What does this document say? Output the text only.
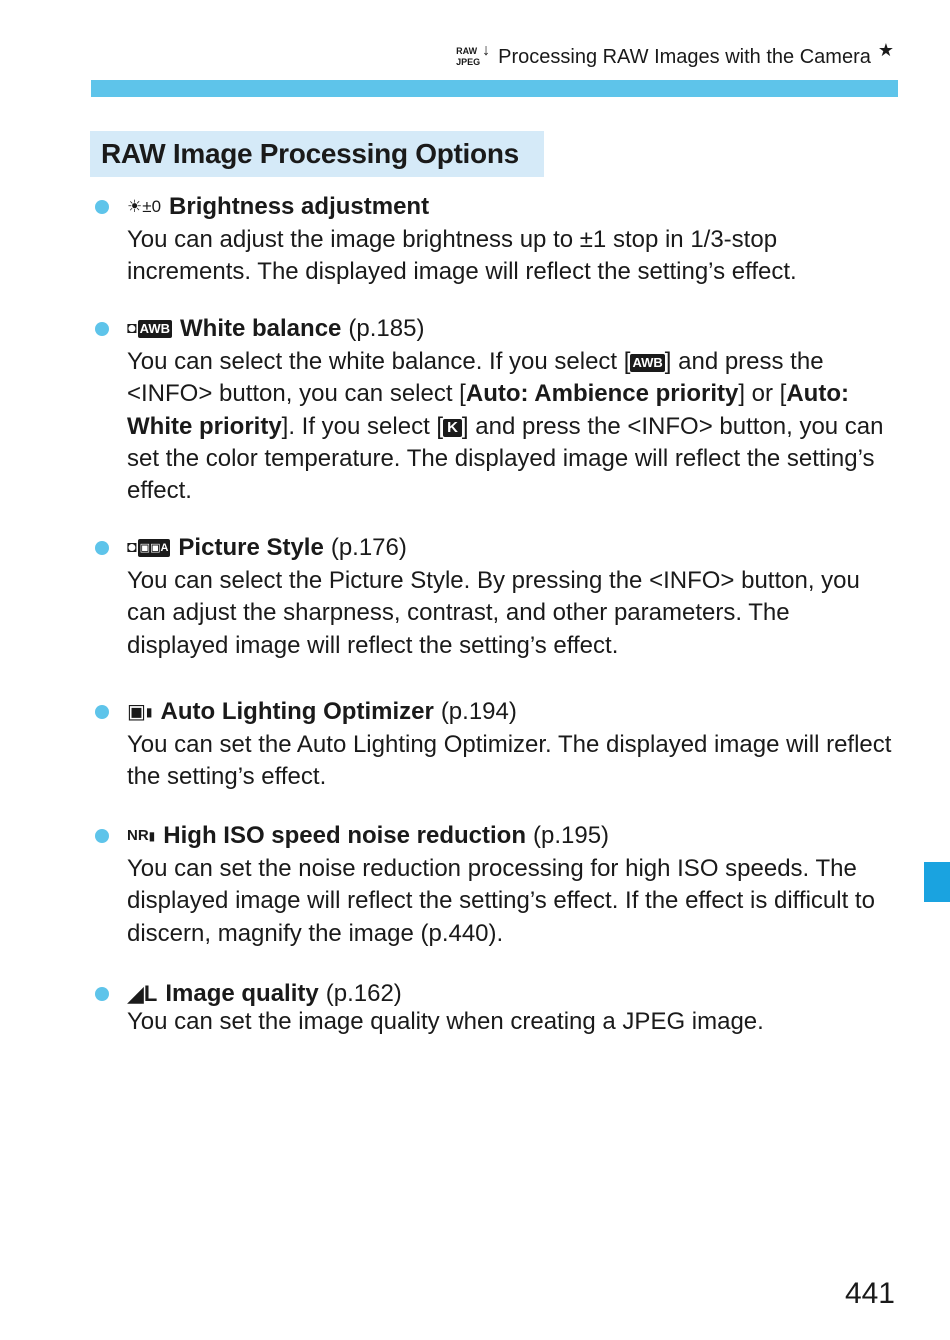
RAW
JPEG
↓ Processing RAW Images with the Camera ★
RAW Image Processing Options
☀±0 Brightness adjustment
You can adjust the image brightness up to ±1 stop in 1/3-stop increments. The displayed image will reflect the setting’s effect.
◘ AWB White balance (p.185)
You can select the white balance. If you select [ AWB] and press the <INFO> button, you can select [Auto: Ambience priority] or [Auto: White priority]. If you select [ K ] and press the <INFO> button, you can set the color temperature. The displayed image will reflect the setting’s effect.
◘ ▣▣A Picture Style (p.176)
You can select the Picture Style. By pressing the <INFO> button, you can adjust the sharpness, contrast, and other parameters. The displayed image will reflect the setting’s effect.
▣ ▮ Auto Lighting Optimizer (p.194)
You can set the Auto Lighting Optimizer. The displayed image will reflect the setting’s effect.
NR ▮ High ISO speed noise reduction (p.195)
You can set the noise reduction processing for high ISO speeds. The displayed image will reflect the setting’s effect. If the effect is difficult to discern, magnify the image (p.440).
◢L Image quality (p.162)
You can set the image quality when creating a JPEG image.
441
